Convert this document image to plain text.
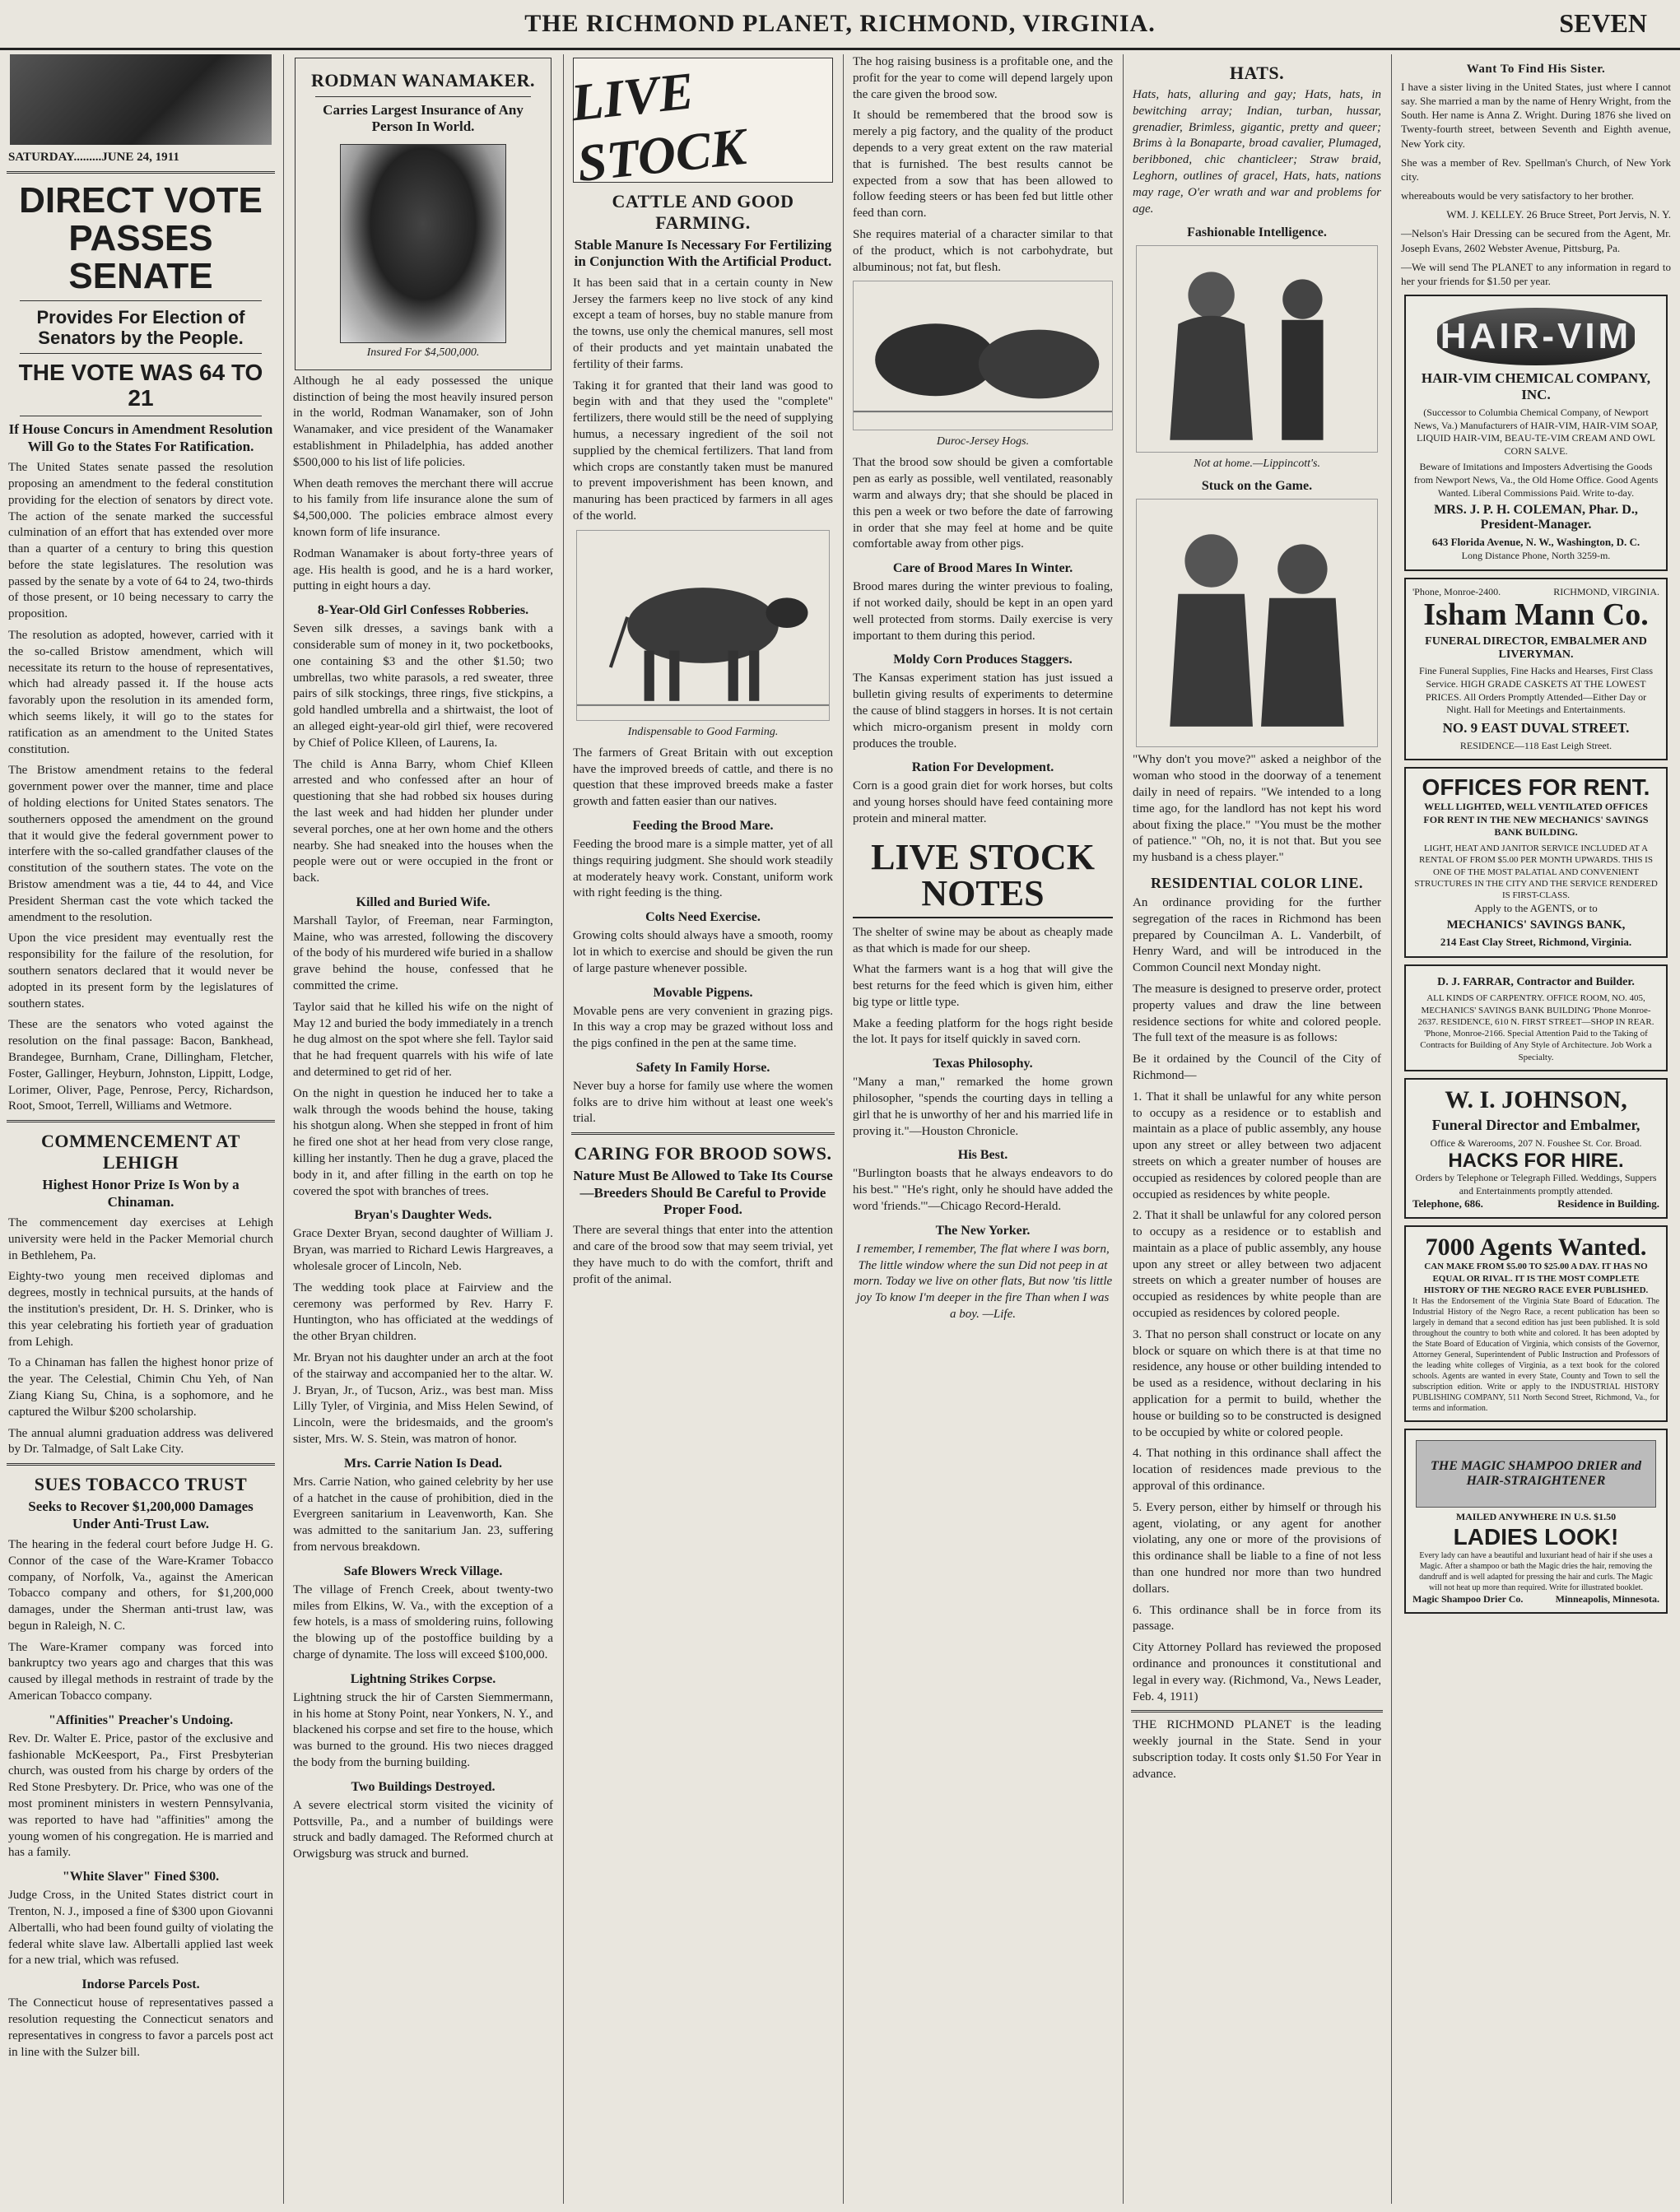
THE RICHMOND PLANET, RICHMOND, VIRGINIA.	SEVEN
SATURDAY.........JUNE 24, 1911
DIRECT VOTE PASSES SENATE
Provides For Election of Senators by the People.
THE VOTE WAS 64 TO 21
If House Concurs in Amendment Resolution Will Go to the States For Ratification.

The United States senate passed the resolution proposing an amendment to the federal constitution providing for the election of senators by direct vote. The action of the senate marked the successful culmination of an effort that has extended over more than a quarter of a century to bring this question before the state legislatures. The resolution was passed by the senate by a vote of 64 to 24, two-thirds of those present, or 10 being necessary to carry the proposition.

The resolution as adopted, however, carried with it the so-called Bristow amendment, which will necessitate its return to the house of representatives, which had already passed it. If the house acts favorably upon the resolution in its amended form, which seems likely, it will go to the states for ratification as an amendment to the United States constitution.

The Bristow amendment retains to the federal government power over the manner, time and place of holding elections for United States senators. The southerners opposed the amendment on the ground that it would give the federal government power to interfere with the so-called grandfather clauses of the constitution of the southern states. The vote on the Bristow amendment was a tie, 44 to 44, and Vice President Sherman cast the vote which tacked the amendment to the resolution.

Upon the vice president may eventually rest the responsibility for the failure of the resolution, for southern senators declared that it would never be adopted in its present form by the legislatures of southern states.

These are the senators who voted against the resolution on the final passage: Bacon, Bankhead, Brandegee, Burnham, Crane, Dillingham, Fletcher, Foster, Gallinger, Heyburn, Johnston, Lippitt, Lodge, Lorimer, Oliver, Page, Penrose, Percy, Richardson, Root, Smoot, Terrell, Williams and Wetmore.

COMMENCEMENT AT LEHIGH
Highest Honor Prize Is Won by a Chinaman.

The commencement day exercises at Lehigh university were held in the Packer Memorial church in Bethlehem, Pa.

Eighty-two young men received diplomas and degrees, mostly in technical pursuits, at the hands of the institution's president, Dr. H. S. Drinker, who is this year celebrating his fortieth year of graduation from Lehigh.

To a Chinaman has fallen the highest honor prize of the year. The Celestial, Chimin Chu Yeh, of Nan Ziang Kiang Su, China, is a sophomore, and he captured the Wilbur $200 scholarship.

The annual alumni graduation address was delivered by Dr. Talmadge, of Salt Lake City.

SUES TOBACCO TRUST
Seeks to Recover $1,200,000 Damages Under Anti-Trust Law.

The hearing in the federal court before Judge H. G. Connor of the case of the Ware-Kramer Tobacco company, of Norfolk, Va., against the American Tobacco company and others, for $1,200,000 damages, under the Sherman anti-trust law, was begun in Raleigh, N. C.

The Ware-Kramer company was forced into bankruptcy two years ago and charges that this was caused by illegal methods in restraint of trade by the American Tobacco company.

"Affinities" Preacher's Undoing.

Rev. Dr. Walter E. Price, pastor of the exclusive and fashionable McKeesport, Pa., First Presbyterian church, was ousted from his charge by orders of the Red Stone Presbytery. Dr. Price, who was one of the most prominent ministers in western Pennsylvania, was reported to have had "affinities" among the young women of his congregation. He is married and has a family.

"White Slaver" Fined $300.

Judge Cross, in the United States district court in Trenton, N. J., imposed a fine of $300 upon Giovanni Albertalli, who had been found guilty of violating the federal white slave law. Albertalli applied last week for a new trial, which was refused.

Indorse Parcels Post.

The Connecticut house of representatives passed a resolution requesting the Connecticut senators and representatives in congress to favor a parcels post act in line with the Sulzer bill.

RODMAN WANAMAKER.
Carries Largest Insurance of Any Person In World.
Insured For $4,500,000.

Although he al eady possessed the unique distinction of being the most heavily insured person in the world, Rodman Wanamaker, son of John Wanamaker, and vice president of the Wanamaker establishment in Philadelphia, has added another $500,000 to his list of life policies.

When death removes the merchant there will accrue to his family from life insurance alone the sum of $4,500,000. The policies embrace almost every known form of life insurance.

Rodman Wanamaker is about forty-three years of age. His health is good, and he is a hard worker, putting in eight hours a day.

8-Year-Old Girl Confesses Robberies.

Seven silk dresses, a savings bank with a considerable sum of money in it, two pocketbooks, one containing $3 and the other $1.50; two umbrellas, two white parasols, a red sweater, three pairs of silk stockings, three rings, five stickpins, a gold handled umbrella and a shirtwaist, the loot of an alleged eight-year-old girl thief, were recovered by Chief of Police Klleen, of Laurens, Ia.

The child is Anna Barry, whom Chief Klleen arrested and who confessed after an hour of questioning that she had robbed six houses during the last week and had hidden her plunder under several porches, one at her own home and the others nearby. She had sneaked into the houses when the people were out or were occupied in the front or back.

Killed and Buried Wife.

Marshall Taylor, of Freeman, near Farmington, Maine, who was arrested, following the discovery of the body of his murdered wife buried in a shallow grave behind the house, confessed that he committed the crime.

Taylor said that he killed his wife on the night of May 12 and buried the body immediately in a trench he dug almost on the spot where she fell. Taylor said that he had frequent quarrels with his wife of late and determined to get rid of her.

On the night in question he induced her to take a walk through the woods behind the house, taking his shotgun along. When she stepped in front of him he fired one shot at her head from very close range, killing her instantly. Then he dug a grave, placed the body in it, and after filling in the earth on top he covered the spot with branches of trees.

Bryan's Daughter Weds.

Grace Dexter Bryan, second daughter of William J. Bryan, was married to Richard Lewis Hargreaves, a wholesale grocer of Lincoln, Neb.

The wedding took place at Fairview and the ceremony was performed by Rev. Harry F. Huntington, who has officiated at the weddings of the other Bryan children.

Mr. Bryan not his daughter under an arch at the foot of the stairway and accompanied her to the altar. W. J. Bryan, Jr., of Tucson, Ariz., was best man. Miss Lilly Tyler, of Virginia, and Miss Helen Sewind, of Lincoln, were the bridesmaids, and the groom's sister, Mrs. W. S. Stein, was matron of honor.

Mrs. Carrie Nation Is Dead.

Mrs. Carrie Nation, who gained celebrity by her use of a hatchet in the cause of prohibition, died in the Evergreen sanitarium in Leavenworth, Kan. She was admitted to the sanitarium Jan. 23, suffering from nervous breakdown.

Safe Blowers Wreck Village.

The village of French Creek, about twenty-two miles from Elkins, W. Va., with the exception of a few hotels, is a mass of smoldering ruins, following the blowing up of the postoffice building by a charge of dynamite. The loss will exceed $100,000.

Lightning Strikes Corpse.

Lightning struck the hir of Carsten Siemmermann, in his home at Stony Point, near Yonkers, N. Y., and blackened his corpse and set fire to the house, which was burned to the ground. His two nieces dragged the body from the burning building.

Two Buildings Destroyed.

A severe electrical storm visited the vicinity of Pottsville, Pa., and a number of buildings were struck and badly damaged. The Reformed church at Orwigsburg was struck and burned.

LIVE STOCK
CATTLE AND GOOD FARMING.
Stable Manure Is Necessary For Fertilizing in Conjunction With the Artificial Product.

It has been said that in a certain county in New Jersey the farmers keep no live stock of any kind except a team of horses, buy no stable manure from the towns, use only the chemical manures, sell most of their products and yet maintain unabated the fertility of their farms.

Taking it for granted that their land was good to begin with and that they used the "complete" fertilizers, there would still be the need of supplying humus, a necessary ingredient of the soil not supplied by the chemical fertilizers. That land from which crops are constantly taken must be manured to prevent impoverishment has been known, and manuring has been practiced by farmers in all ages of the world.

Indispensable to Good Farming.

The farmers of Great Britain with out exception have the improved breeds of cattle, and there is no question that these improved breeds make a faster growth and fatten easier than our natives.

Feeding the Brood Mare.

Feeding the brood mare is a simple matter, yet of all things requiring judgment. She should work steadily at moderately heavy work. Constant, uniform work with right feeding is the thing.

Colts Need Exercise.

Growing colts should always have a smooth, roomy lot in which to exercise and should be given the run of large pasture whenever possible.

Movable Pigpens.

Movable pens are very convenient in grazing pigs. In this way a crop may be grazed without loss and the pigs confined in the pen at the same time.

Safety In Family Horse.

Never buy a horse for family use where the women folks are to drive him without at least one week's trial.

CARING FOR BROOD SOWS.
Nature Must Be Allowed to Take Its Course—Breeders Should Be Careful to Provide Proper Food.

There are several things that enter into the attention and care of the brood sow that may seem trivial, yet they have much to do with the comfort, thrift and profit of the animal.

The hog raising business is a profitable one, and the profit for the year to come will depend largely upon the care given the brood sow.

It should be remembered that the brood sow is merely a pig factory, and the quality of the product depends to a very great extent on the raw material that is furnished. The best results cannot be expected from a sow that has been allowed to follow feeding steers or has been fed but little other feed than corn.

She requires material of a character similar to that of the product, which is not carbohydrate, but albuminous; not fat, but flesh.

Duroc-Jersey Hogs.

That the brood sow should be given a comfortable pen as early as possible, well ventilated, reasonably warm and always dry; that she should be placed in this pen a week or two before the date of farrowing in order that she may feel at home and be quite comfortable away from other pigs.

Care of Brood Mares In Winter.

Brood mares during the winter previous to foaling, if not worked daily, should be kept in an open yard well protected from storms. Daily exercise is very important to them during this period.

Moldy Corn Produces Staggers.

The Kansas experiment station has just issued a bulletin giving results of experiments to determine the cause of blind staggers in horses. It is not certain which micro-organism present in moldy corn produces the trouble.

Ration For Development.

Corn is a good grain diet for work horses, but colts and young horses should have feed containing more protein and mineral matter.

LIVE STOCK NOTES

The shelter of swine may be about as cheaply made as that which is made for our sheep.

What the farmers want is a hog that will give the best returns for the feed which is given him, either big type or little type.

Make a feeding platform for the hogs right beside the lot. It pays for itself quickly in saved corn.

Texas Philosophy.

"Many a man," remarked the home grown philosopher, "spends the courting days in telling a girl that he is unworthy of her and his married life in proving it."—Houston Chronicle.

His Best.

"Burlington boasts that he always endeavors to do his best." "He's right, only he should have added the word 'friends.'"—Chicago Record-Herald.

The New Yorker.

I remember, I remember, The flat where I was born, The little window where the sun Did not peep in at morn. Today we live on other flats, But now 'tis little joy To know I'm deeper in the fire Than when I was a boy. —Life.

HATS.

Hats, hats, alluring and gay; Hats, hats, in bewitching array; Indian, turban, hussar, grenadier, Brimless, gigantic, pretty and queer; Brims à la Bonaparte, broad cavalier, Plumaged, beribboned, chic chanticleer; Straw braid, Leghorn, outlines of gracel, Hats, hats, nations may rage, O'er wrath and war and problems for age.

Fashionable Intelligence.
Not at home.—Lippincott's.
Stuck on the Game.

"Why don't you move?" asked a neighbor of the woman who stood in the doorway of a tenement daily in need of repairs. "We intended to a long time ago, for the landlord has not kept his word about fixing the place." "You must be the mother of patience." "Oh, no, it is not that. But you see my husband is a chess player."

RESIDENTIAL COLOR LINE.

An ordinance providing for the further segregation of the races in Richmond has been prepared by Councilman A. L. Vanderbilt, of Henry Ward, and will be introduced in the Common Council next Monday night.

The measure is designed to preserve order, protect property values and draw the line between residence sections for white and colored people. The full text of the measure is as follows:

Be it ordained by the Council of the City of Richmond—

1. That it shall be unlawful for any white person to occupy as a residence or to establish and maintain as a place of public assembly, any house upon any street or alley between two adjacent streets on which a greater number of houses are occupied as residences by colored people than are occupied as residences by white people.

2. That it shall be unlawful for any colored person to occupy as a residence or to establish and maintain as a place of public assembly, any house upon any street or alley between two adjacent streets on which a greater number of houses are occupied as residences by white people than are occupied as residences by colored people.

3. That no person shall construct or locate on any block or square on which there is at that time no residence, any house or other building intended to be used as a residence, without declaring in his application for a permit to build, whether the house or building so to be constructed is designed to be occupied by white or colored people.

4. That nothing in this ordinance shall affect the location of residences made previous to the approval of this ordinance.

5. Every person, either by himself or through his agent, violating, or any agent for another violating, any one or more of the provisions of this ordinance shall be liable to a fine of not less than one hundred nor more than two hundred dollars.

6. This ordinance shall be in force from its passage.

City Attorney Pollard has reviewed the proposed ordinance and pronounces it constitutional and legal in every way. (Richmond, Va., News Leader, Feb. 4, 1911)

THE RICHMOND PLANET is the leading weekly journal in the State. Send in your subscription today. It costs only $1.50 For Year in advance.

Want To Find His Sister.

I have a sister living in the United States, just where I cannot say. She married a man by the name of Henry Wright, from the South. Her name is Anna Z. Wright. During 1876 she lived on Twenty-fourth street, between Seventh and Eighth avenue, New York city.

She was a member of Rev. Spellman's Church, of New York city.

whereabouts would be very satisfactory to her brother.

WM. J. KELLEY. 26 Bruce Street, Port Jervis, N. Y.

—Nelson's Hair Dressing can be secured from the Agent, Mr. Joseph Evans, 2602 Webster Avenue, Pittsburg, Pa.

—We will send The PLANET to any information in regard to her your friends for $1.50 per year.

HAIR-VIM
HAIR-VIM CHEMICAL COMPANY, INC.
(Successor to Columbia Chemical Company, of Newport News, Va.) Manufacturers of HAIR-VIM, HAIR-VIM SOAP, LIQUID HAIR-VIM, BEAU-TE-VIM CREAM AND OWL CORN SALVE.
Beware of Imitations and Imposters Advertising the Goods from Newport News, Va., the Old Home Office. Good Agents Wanted. Liberal Commissions Paid. Write to-day.
MRS. J. P. H. COLEMAN, Phar. D., President-Manager.
643 Florida Avenue, N. W., Washington, D. C.
Long Distance Phone, North 3259-m.
'Phone, Monroe-2400.	RICHMOND, VIRGINIA.
Isham Mann Co.
FUNERAL DIRECTOR, EMBALMER AND LIVERYMAN.
Fine Funeral Supplies, Fine Hacks and Hearses, First Class Service. HIGH GRADE CASKETS AT THE LOWEST PRICES. All Orders Promptly Attended—Either Day or Night. Hall for Meetings and Entertainments.
NO. 9 EAST DUVAL STREET.
RESIDENCE—118 East Leigh Street.
OFFICES FOR RENT.
WELL LIGHTED, WELL VENTILATED OFFICES FOR RENT IN THE NEW MECHANICS' SAVINGS BANK BUILDING.
LIGHT, HEAT AND JANITOR SERVICE INCLUDED AT A RENTAL OF FROM $5.00 PER MONTH UPWARDS. THIS IS ONE OF THE MOST PALATIAL AND CONVENIENT STRUCTURES IN THE CITY AND THE SERVICE RENDERED IS FIRST-CLASS.
Apply to the AGENTS, or to
MECHANICS' SAVINGS BANK,
214 East Clay Street, Richmond, Virginia.
D. J. FARRAR, Contractor and Builder.
ALL KINDS OF CARPENTRY. OFFICE ROOM, NO. 405, MECHANICS' SAVINGS BANK BUILDING 'Phone Monroe-2637. RESIDENCE, 610 N. FIRST STREET—SHOP IN REAR. 'Phone, Monroe-2166. Special Attention Paid to the Taking of Contracts for Building of Any Style of Architecture. Job Work a Specialty.
W. I. JOHNSON,
Funeral Director and Embalmer,
Office & Warerooms, 207 N. Foushee St. Cor. Broad.
HACKS FOR HIRE.
Orders by Telephone or Telegraph Filled. Weddings, Suppers and Entertainments promptly attended.
Telephone, 686.	Residence in Building.
7000 Agents Wanted.
CAN MAKE FROM $5.00 TO $25.00 A DAY. IT HAS NO EQUAL OR RIVAL. IT IS THE MOST COMPLETE HISTORY OF THE NEGRO RACE EVER PUBLISHED.
It Has the Endorsement of the Virginia State Board of Education. The Industrial History of the Negro Race, a recent publication has been so largely in demand that a second edition has just been published. It is sold throughout the country to both white and colored. It has been adopted by the State Board of Education of Virginia, which consists of the Governor, Attorney General, Superintendent of Public Instruction and Professors of the leading white colleges of Virginia, as a text book for the colored schools. Agents are wanted in every State, County and Town to sell the subscription edition. Write or apply to the INDUSTRIAL HISTORY PUBLISHING COMPANY, 511 North Second Street, Richmond, Va., for terms and information.
THE MAGIC SHAMPOO DRIER and HAIR-STRAIGHTENER
MAILED ANYWHERE IN U.S. $1.50
LADIES LOOK!
Every lady can have a beautiful and luxuriant head of hair if she uses a Magic. After a shampoo or bath the Magic dries the hair, removing the dandruff and is well adapted for pressing the hair and curls. The Magic will not heat up more than required. Write for illustrated booklet.
Magic Shampoo Drier Co.	Minneapolis, Minnesota.
